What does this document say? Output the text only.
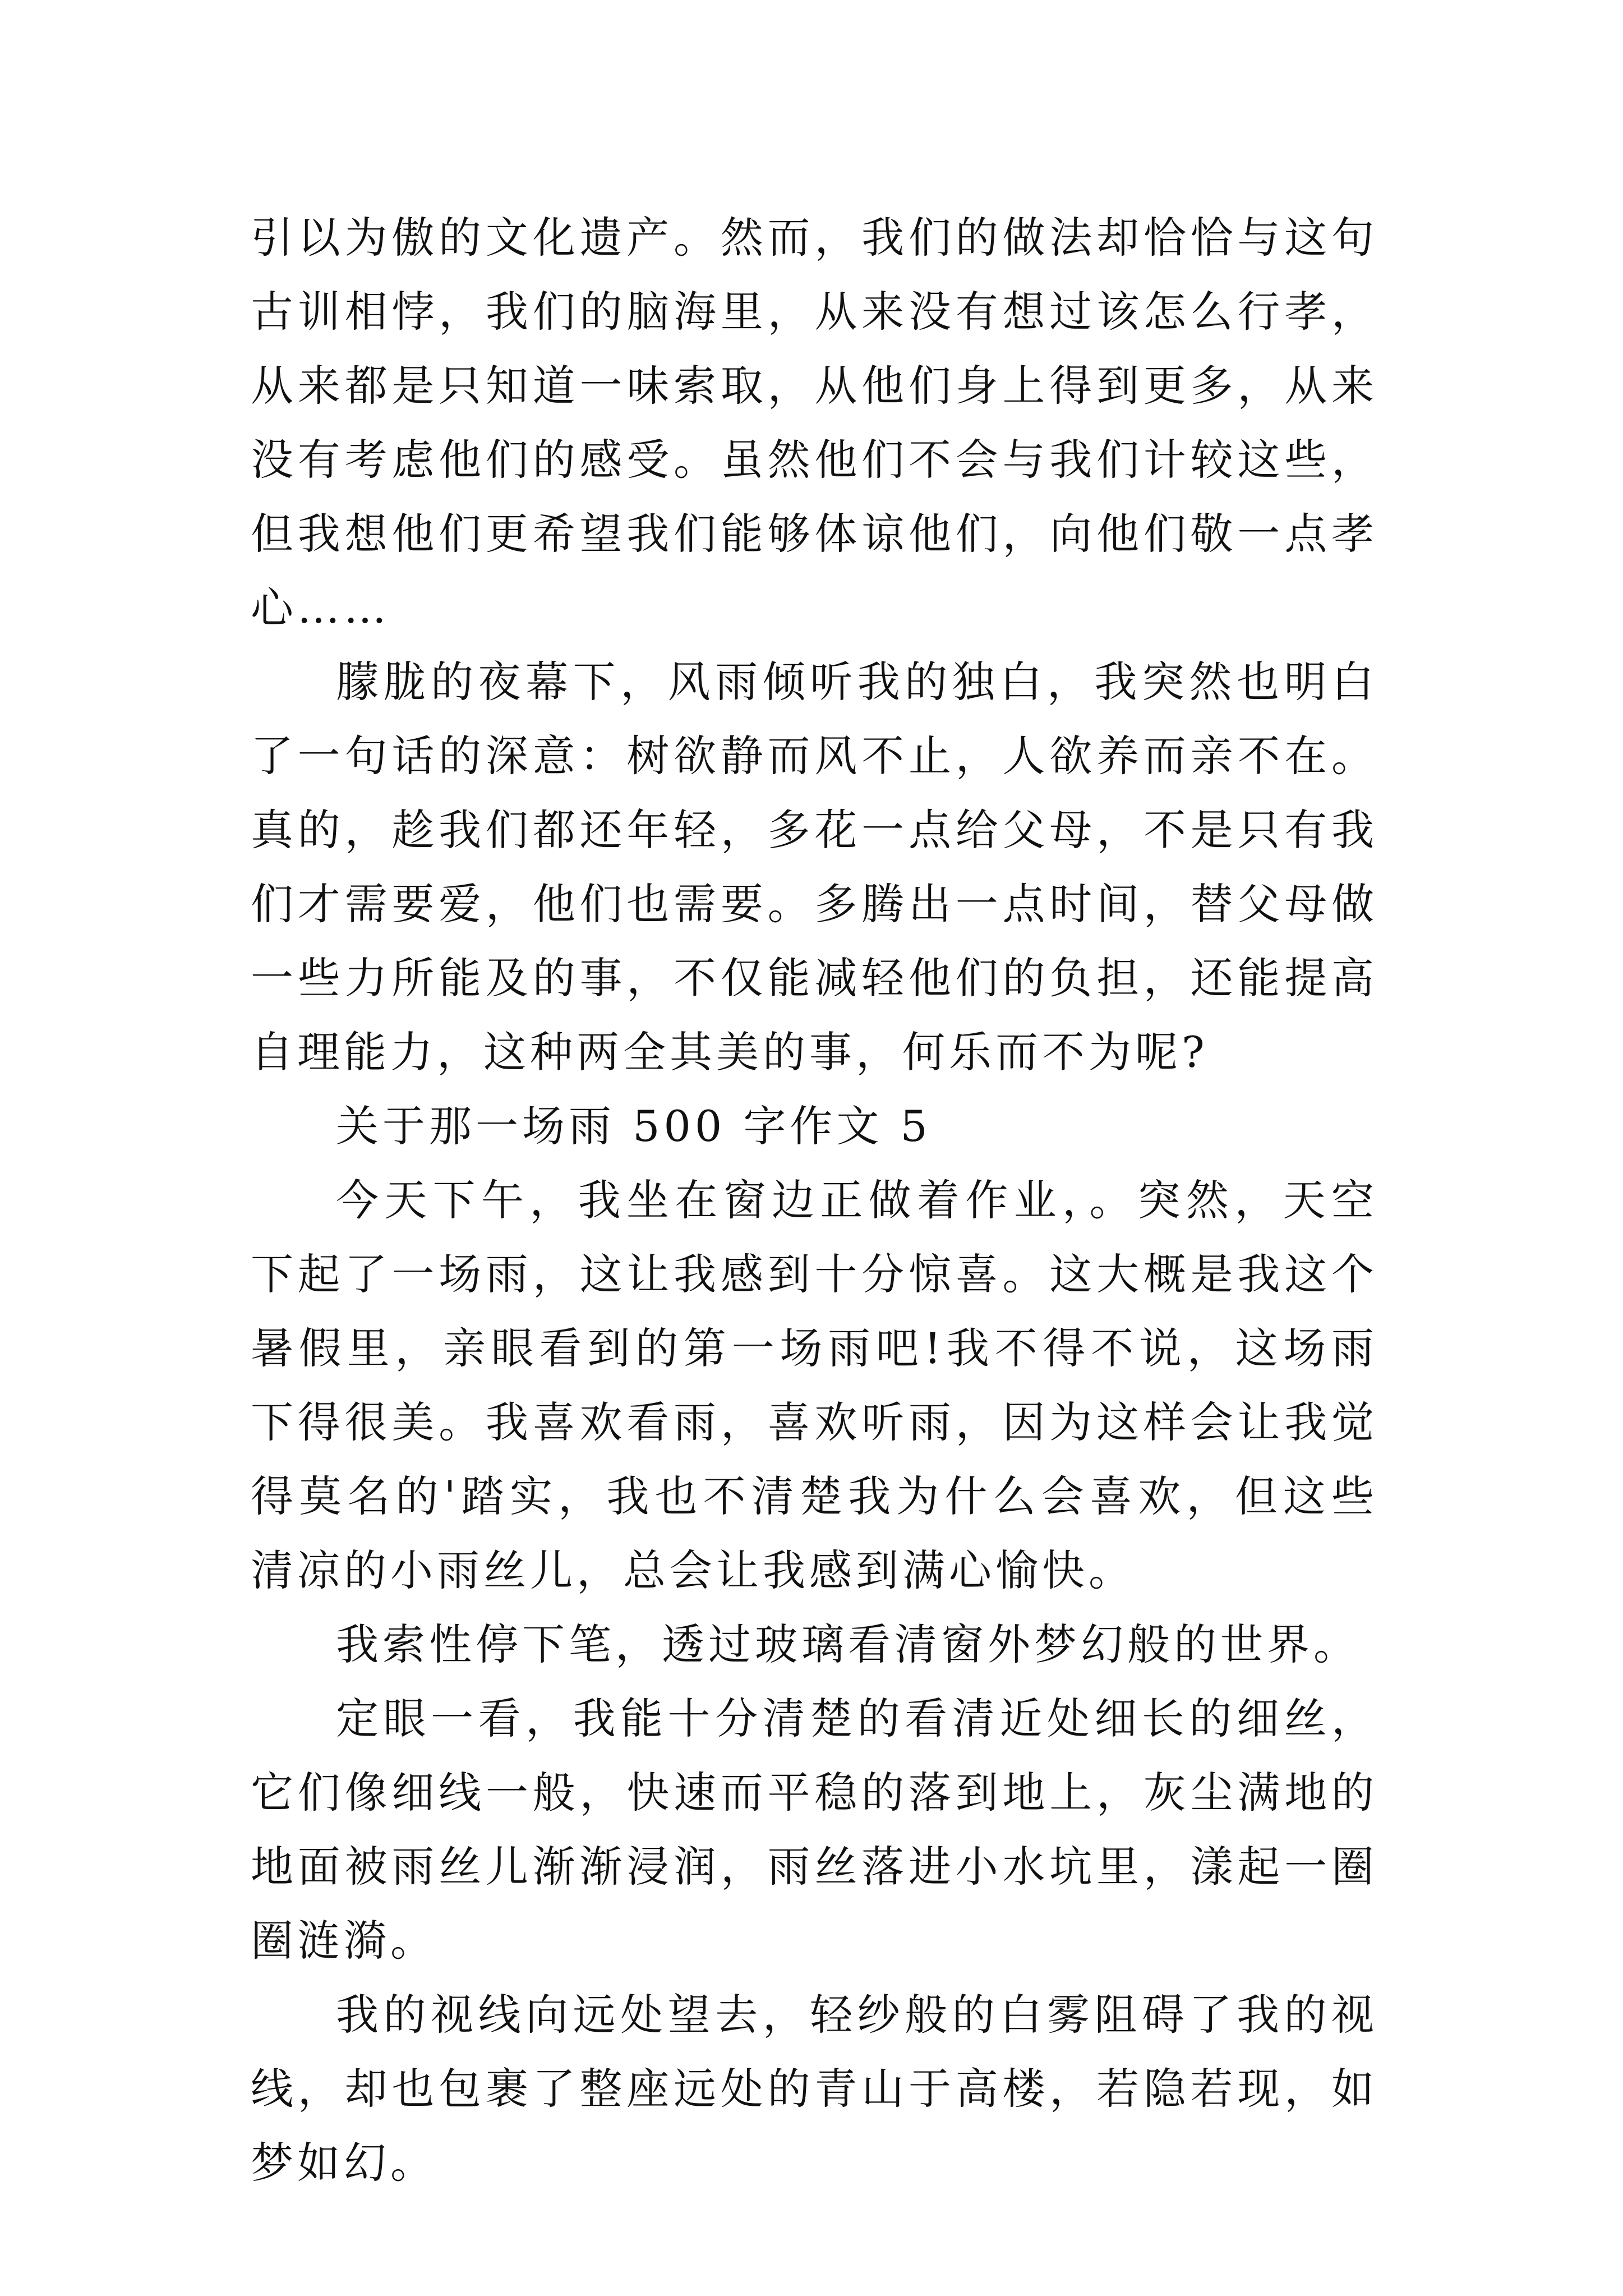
引以为傲的文化遗产。然而，我们的做法却恰恰与这句古训相悖，我们的脑海里，从来没有想过该怎么行孝，从来都是只知道一味索取，从他们身上得到更多，从来没有考虑他们的感受。虽然他们不会与我们计较这些，但我想他们更希望我们能够体谅他们，向他们敬一点孝心……

朦胧的夜幕下，风雨倾听我的独白，我突然也明白了一句话的深意：树欲静而风不止，人欲养而亲不在。真的，趁我们都还年轻，多花一点给父母，不是只有我们才需要爱，他们也需要。多腾出一点时间，替父母做一些力所能及的事，不仅能减轻他们的负担，还能提高自理能力，这种两全其美的事，何乐而不为呢?

关于那一场雨 500 字作文 5

今天下午，我坐在窗边正做着作业，。突然，天空下起了一场雨，这让我感到十分惊喜。这大概是我这个暑假里，亲眼看到的第一场雨吧!我不得不说，这场雨下得很美。我喜欢看雨，喜欢听雨，因为这样会让我觉得莫名的'踏实，我也不清楚我为什么会喜欢，但这些清凉的小雨丝儿，总会让我感到满心愉快。

我索性停下笔，透过玻璃看清窗外梦幻般的世界。

定眼一看，我能十分清楚的看清近处细长的细丝，它们像细线一般，快速而平稳的落到地上，灰尘满地的地面被雨丝儿渐渐浸润，雨丝落进小水坑里，漾起一圈圈涟漪。

我的视线向远处望去，轻纱般的白雾阻碍了我的视线，却也包裹了整座远处的青山于高楼，若隐若现，如梦如幻。
